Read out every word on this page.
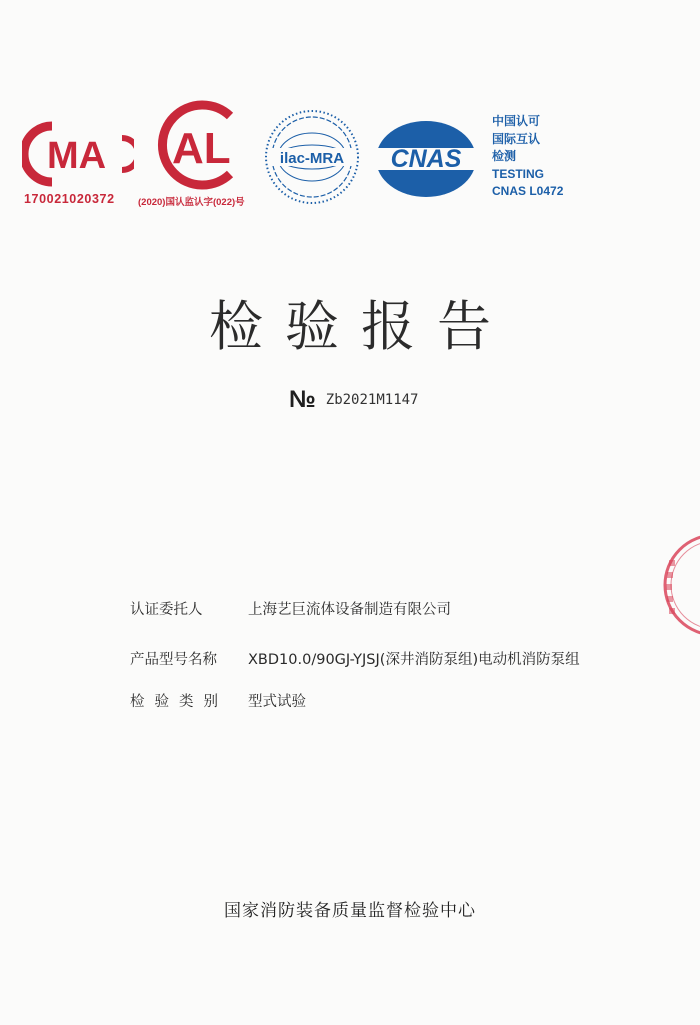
MA
170021020372
AL
(2020)国认监认字(022)号
ilac-MRA CNAS
中国认可
国际互认
检测
TESTING
CNAS L0472
检验报告
№ Zb2021M1147
认证委托人	上海艺巨流体设备制造有限公司
产品型号名称 XBD10.0/90GJ-YJSJ(深井消防泵组)电动机消防泵组
检验类别 型式试验
国家消防装备质量监督检验中心
